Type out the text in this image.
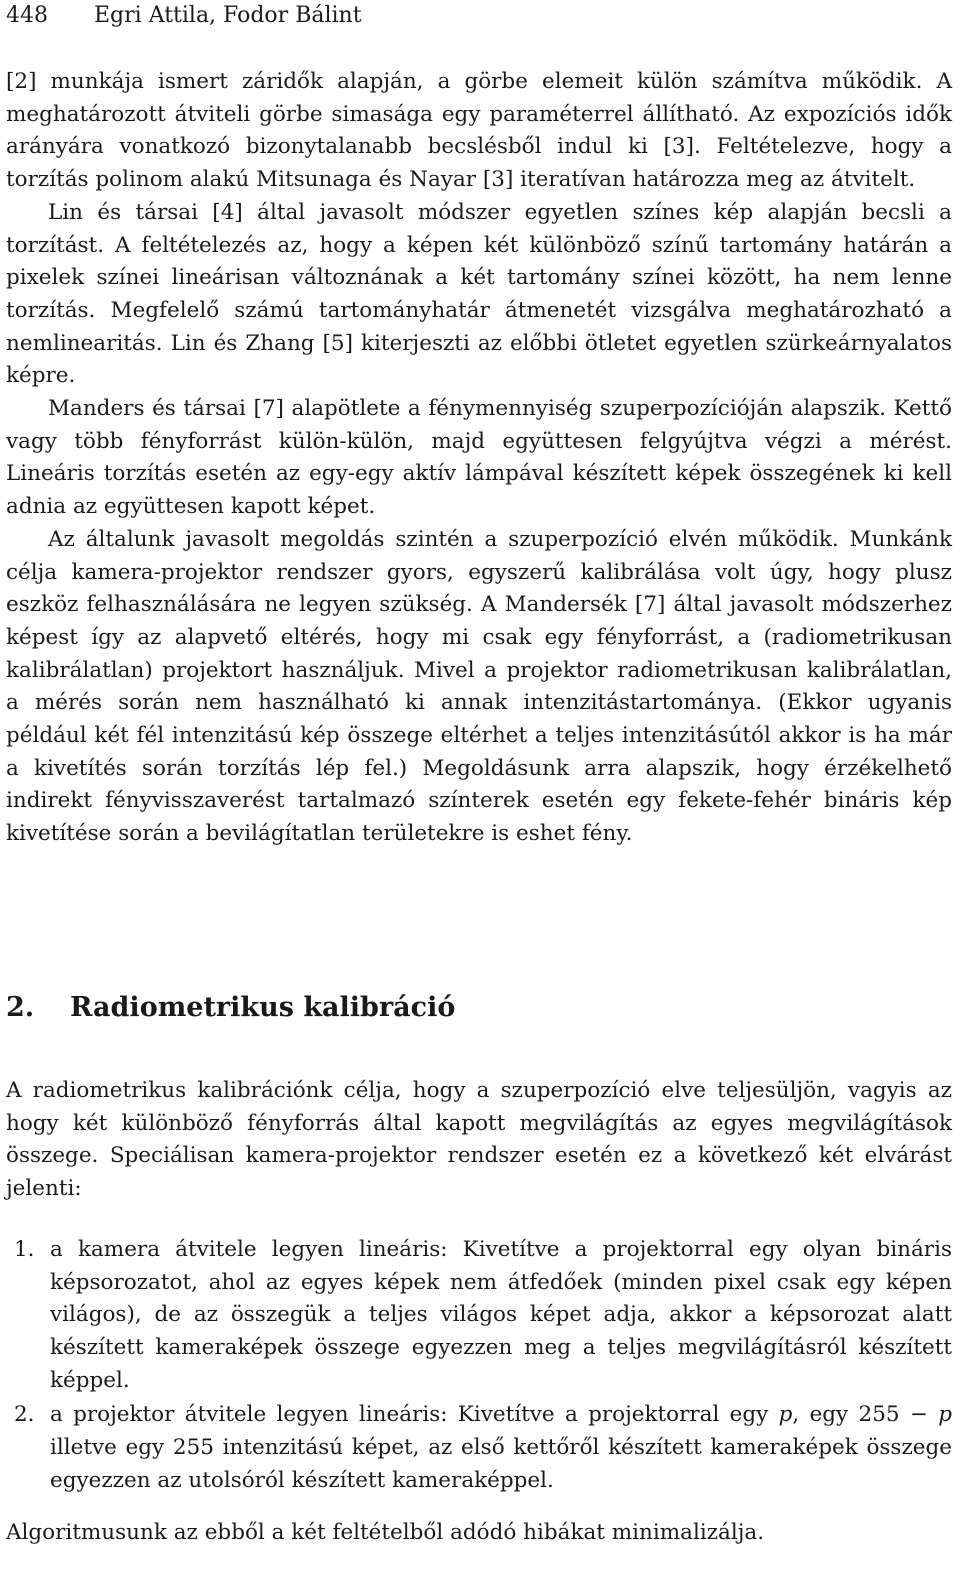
448 Egri Attila, Fodor Bálint

[2] munkája ismert záridők alapján, a görbe elemeit külön számítva működik. A meghatározott átviteli görbe simasága egy paraméterrel állítható. Az expozíciós idők arányára vonatkozó bizonytalanabb becslésből indul ki [3]. Feltételezve, hogy a torzítás polinom alakú Mitsunaga és Nayar [3] iteratívan határozza meg az átvitelt.

Lin és társai [4] által javasolt módszer egyetlen színes kép alapján becsli a torzítást. A feltételezés az, hogy a képen két különböző színű tartomány határán a pixelek színei lineárisan változnának a két tartomány színei között, ha nem lenne torzítás. Megfelelő számú tartományhatár átmenetét vizsgálva meghatározható a nemlinearitás. Lin és Zhang [5] kiterjeszti az előbbi ötletet egyetlen szürkeárnyalatos képre.

Manders és társai [7] alapötlete a fénymennyiség szuperpozícióján alapszik. Kettő vagy több fényforrást külön-külön, majd együttesen felgyújtva végzi a mérést. Lineáris torzítás esetén az egy-egy aktív lámpával készített képek összegének ki kell adnia az együttesen kapott képet.

Az általunk javasolt megoldás szintén a szuperpozíció elvén működik. Munkánk célja kamera-projektor rendszer gyors, egyszerű kalibrálása volt úgy, hogy plusz eszköz felhasználására ne legyen szükség. A Mandersék [7] által javasolt módszerhez képest így az alapvető eltérés, hogy mi csak egy fényforrást, a (radiometrikusan kalibrálatlan) projektort használjuk. Mivel a projektor radiometrikusan kalibrálatlan, a mérés során nem használható ki annak intenzitástartománya. (Ekkor ugyanis például két fél intenzitású kép összege eltérhet a teljes intenzitásútól akkor is ha már a kivetítés során torzítás lép fel.) Megoldásunk arra alapszik, hogy érzékelhető indirekt fényvisszaverést tartalmazó színterek esetén egy fekete-fehér bináris kép kivetítése során a bevilágítatlan területekre is eshet fény.

2. Radiometrikus kalibráció

A radiometrikus kalibrációnk célja, hogy a szuperpozíció elve teljesüljön, vagyis az hogy két különböző fényforrás által kapott megvilágítás az egyes megvilágítások összege. Speciálisan kamera-projektor rendszer esetén ez a következő két elvárást jelenti:

1. a kamera átvitele legyen lineáris: Kivetítve a projektorral egy olyan bináris képsorozatot, ahol az egyes képek nem átfedőek (minden pixel csak egy képen világos), de az összegük a teljes világos képet adja, akkor a képsorozat alatt készített kameraképek összege egyezzen meg a teljes megvilágításról készített képpel.
2. a projektor átvitele legyen lineáris: Kivetítve a projektorral egy p, egy 255 − p illetve egy 255 intenzitású képet, az első kettőről készített kameraképek összege egyezzen az utolsóról készített kameraképpel.

Algoritmusunk az ebből a két feltételből adódó hibákat minimalizálja.
